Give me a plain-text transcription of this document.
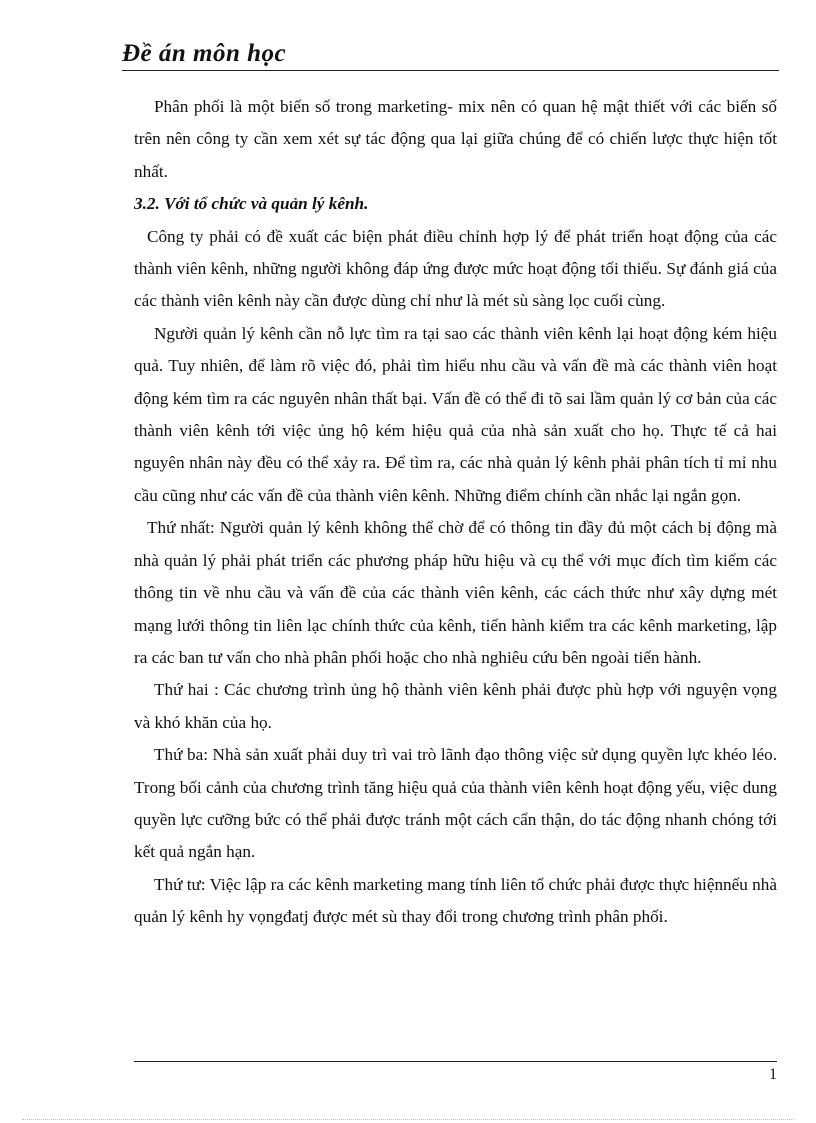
Đề án môn học

Phân phối là một biến số trong marketing- mix nên có quan hệ mật thiết với các biến số trên nên công ty cần xem xét sự tác động qua lại giữa chúng để có chiến lược thực hiện tốt nhất.

3.2. Với tổ chức và quản lý kênh.

Công ty phải có đề xuất các biện phát điều chỉnh hợp lý để phát triển hoạt động của các thành viên kênh, những người không đáp ứng được mức hoạt động tối thiểu. Sự đánh giá của các thành viên kênh này cần được dùng chỉ như là mét sù sàng lọc cuối cùng.

Người quản lý kênh cần nỗ lực tìm ra tại sao các thành viên kênh lại hoạt động kém hiệu quả. Tuy nhiên, để làm rõ việc đó, phải tìm hiểu nhu cầu và vấn đề mà các thành viên hoạt động kém tìm ra các nguyên nhân thất bại. Vấn đề có thể đi tõ sai lầm quản lý cơ bản của các thành viên kênh tới việc ủng hộ kém hiệu quả của nhà sản xuất cho họ. Thực tế cả hai nguyên nhân này đều có thể xảy ra. Để tìm ra, các nhà quản lý kênh phải phân tích tỉ mỉ nhu cầu cũng như các vấn đề của thành viên kênh. Những điểm chính cần nhắc lại ngắn gọn.

Thứ nhất: Người quản lý kênh không thể chờ để có thông tin đầy đủ một cách bị động mà nhà quản lý phải phát triển các phương pháp hữu hiệu và cụ thể với mục đích tìm kiếm các thông tin về nhu cầu và vấn đề của các thành viên kênh, các cách thức như xây dựng mét mạng lưới thông tin liên lạc chính thức của kênh, tiến hành kiểm tra các kênh marketing, lập ra các ban tư vấn cho nhà phân phối hoặc cho nhà nghiêu cứu bên ngoài tiến hành.

Thứ hai : Các chương trình ủng hộ thành viên kênh phải được phù hợp với nguyện vọng và khó khăn của họ.

Thứ ba: Nhà sản xuất phải duy trì vai trò lãnh đạo thông việc sử dụng quyền lực khéo léo. Trong bối cảnh của chương trình tăng hiệu quả của thành viên kênh hoạt động yếu, việc dung quyền lực cưỡng bức có thể phải được tránh một cách cẩn thận, do tác động nhanh chóng tới kết quả ngắn hạn.

Thứ tư: Việc lập ra các kênh marketing mang tính liên tổ chức phải được thực hiệnnếu nhà quản lý kênh hy vọngđatj được mét sù thay đổi trong chương trình phân phối.

1
